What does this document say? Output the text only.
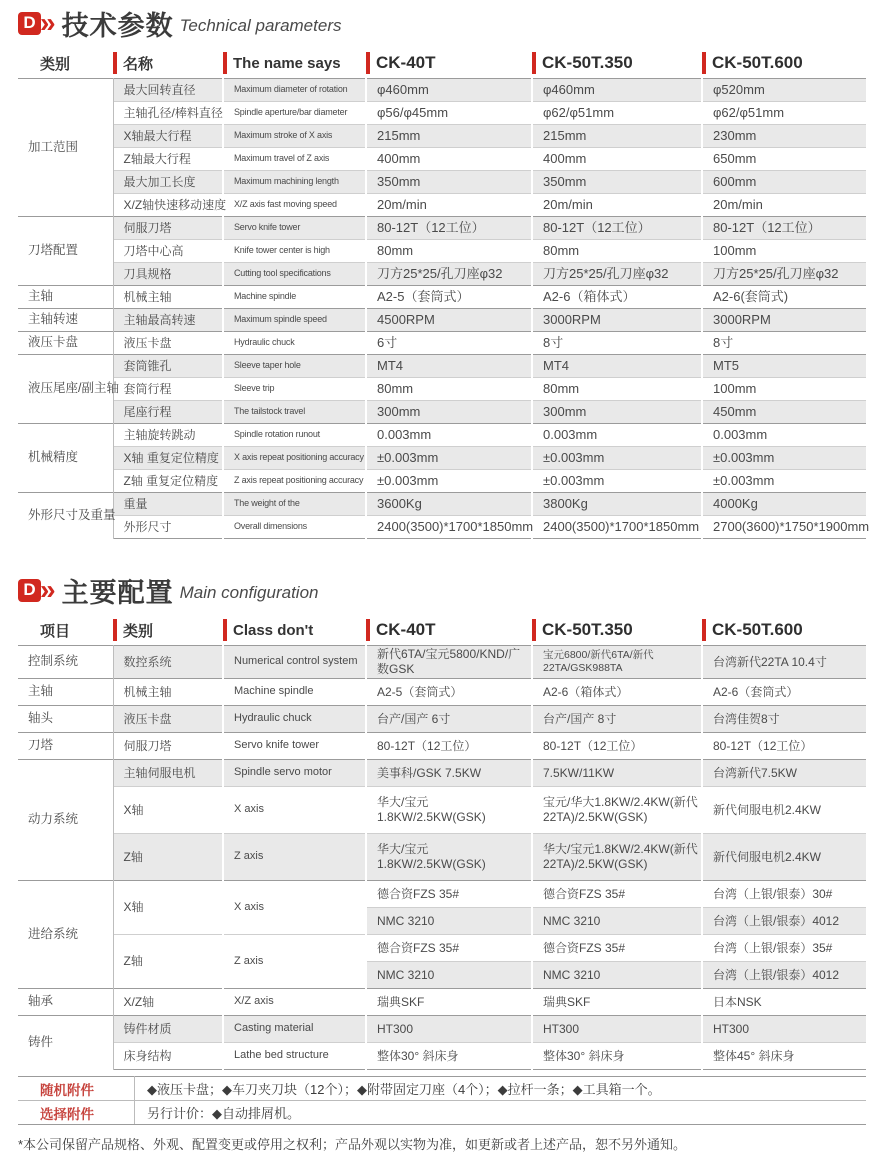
D » 技术参数 Technical parameters
类别	名称	The name says	CK-40T	CK-50T.350	CK-50T.600
加工范围	最大回转直径	Maximum diameter of rotation	φ460mm	φ460mm	φ520mm
	主轴孔径/棒料直径	Spindle aperture/bar diameter	φ56/φ45mm	φ62/φ51mm	φ62/φ51mm
	X轴最大行程	Maximum stroke of X axis	215mm	215mm	230mm
	Z轴最大行程	Maximum travel of Z axis	400mm	400mm	650mm
	最大加工长度	Maximum machining length	350mm	350mm	600mm
	X/Z轴快速移动速度	X/Z axis fast moving speed	20m/min	20m/min	20m/min
刀塔配置	伺服刀塔	Servo knife tower	80-12T（12工位）	80-12T（12工位）	80-12T（12工位）
	刀塔中心高	Knife tower center is high	80mm	80mm	100mm
	刀具规格	Cutting tool specifications	刀方25*25/孔刀座φ32	刀方25*25/孔刀座φ32	刀方25*25/孔刀座φ32
主轴	机械主轴	Machine spindle	A2-5（套筒式）	A2-6（箱体式）	A2-6(套筒式)
主轴转速	主轴最高转速	Maximum spindle speed	4500RPM	3000RPM	3000RPM
液压卡盘	液压卡盘	Hydraulic chuck	6寸	8寸	8寸
液压尾座/副主轴	套筒锥孔	Sleeve taper hole	MT4	MT4	MT5
	套筒行程	Sleeve trip	80mm	80mm	100mm
	尾座行程	The tailstock travel	300mm	300mm	450mm
机械精度	主轴旋转跳动	Spindle rotation runout	0.003mm	0.003mm	0.003mm
	X轴 重复定位精度	X axis repeat positioning accuracy	±0.003mm	±0.003mm	±0.003mm
	Z轴 重复定位精度	Z axis repeat positioning accuracy	±0.003mm	±0.003mm	±0.003mm
外形尺寸及重量	重量	The weight of the	3600Kg	3800Kg	4000Kg
	外形尺寸	Overall dimensions	2400(3500)*1700*1850mm	2400(3500)*1700*1850mm	2700(3600)*1750*1900mm
D » 主要配置 Main configuration
项目	类别	Class don't	CK-40T	CK-50T.350	CK-50T.600
控制系统	数控系统	Numerical control system	新代6TA/宝元5800/KND/广数GSK	宝元6800/新代6TA/新代22TA/GSK988TA	台湾新代22TA 10.4寸
主轴	机械主轴	Machine spindle	A2-5（套筒式）	A2-6（箱体式）	A2-6（套筒式）
轴头	液压卡盘	Hydraulic chuck	台产/国产 6寸	台产/国产 8寸	台湾佳贺8寸
刀塔	伺服刀塔	Servo knife tower	80-12T（12工位）	80-12T（12工位）	80-12T（12工位）
动力系统	主轴伺服电机	Spindle servo motor	美事科/GSK 7.5KW	7.5KW/11KW	台湾新代7.5KW
	X轴	X axis	华大/宝元1.8KW/2.5KW(GSK)	宝元/华大1.8KW/2.4KW(新代22TA)/2.5KW(GSK)	新代伺服电机2.4KW
	Z轴	Z axis	华大/宝元1.8KW/2.5KW(GSK)	华大/宝元1.8KW/2.4KW(新代22TA)/2.5KW(GSK)	新代伺服电机2.4KW
进给系统	X轴	X axis	德合资FZS 35#	德合资FZS 35#	台湾（上银/银泰）30#
			NMC 3210	NMC 3210	台湾（上银/银泰）4012
	Z轴	Z axis	德合资FZS 35#	德合资FZS 35#	台湾（上银/银泰）35#
			NMC 3210	NMC 3210	台湾（上银/银泰）4012
轴承	X/Z轴	X/Z axis	瑞典SKF	瑞典SKF	日本NSK
铸件	铸件材质	Casting material	HT300	HT300	HT300
	床身结构	Lathe bed structure	整体30° 斜床身	整体30° 斜床身	整体45° 斜床身
随机附件	◆液压卡盘；◆车刀夹刀块（12个）；◆附带固定刀座（4个）；◆拉杆一条；◆工具箱一个。
选择附件	另行计价：◆自动排屑机。

*本公司保留产品规格、外观、配置变更或停用之权利；产品外观以实物为准，如更新或者上述产品，恕不另外通知。
